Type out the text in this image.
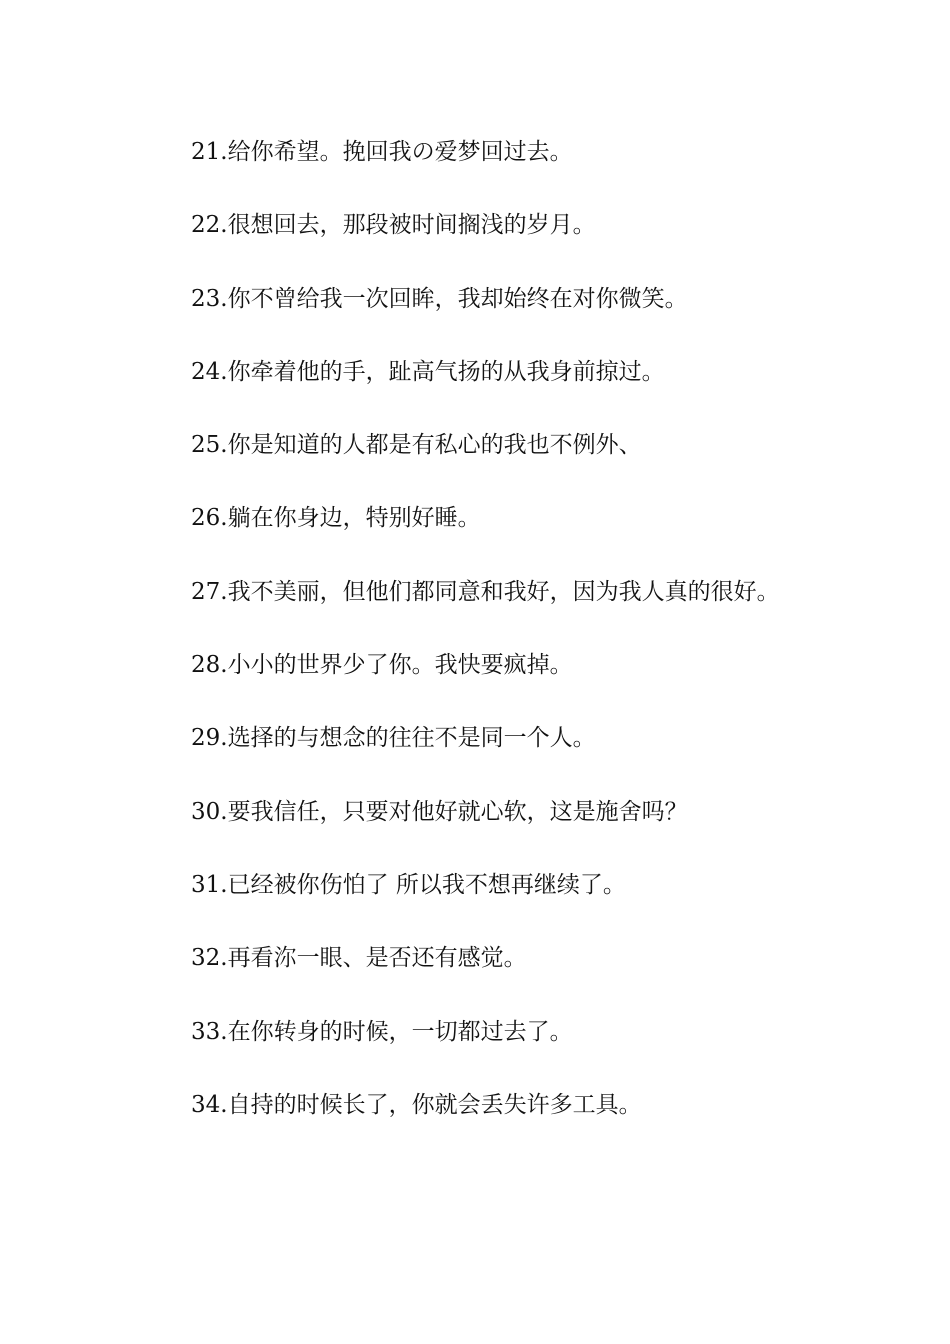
21.给你希望。挽回我の爱梦回过去。
22.很想回去，那段被时间搁浅的岁月。
23.你不曾给我一次回眸，我却始终在对你微笑。
24.你牵着他的手，趾高气扬的从我身前掠过。
25.你是知道的人都是有私心的我也不例外、
26.躺在你身边，特别好睡。
27.我不美丽，但他们都同意和我好，因为我人真的很好。
28.小小的世界少了你。我快要疯掉。
29.选择的与想念的往往不是同一个人。
30.要我信任，只要对他好就心软，这是施舍吗？
31.已经被你伤怕了 所以我不想再继续了。
32.再看沵一眼、是否还有感觉。
33.在你转身的时候，一切都过去了。
34.自持的时候长了，你就会丢失许多工具。
